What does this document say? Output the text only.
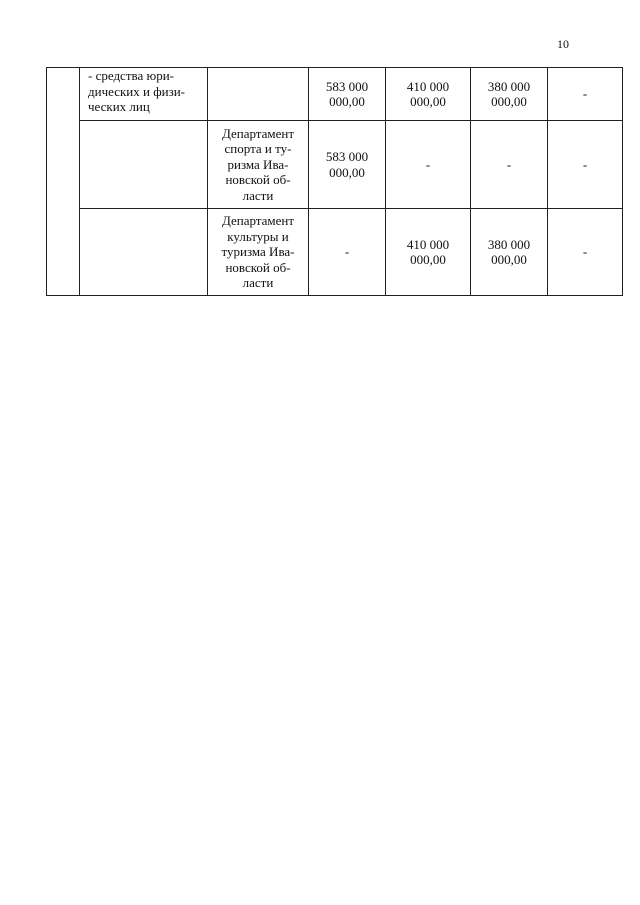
10

	- средства юри-
дических и физи-
ческих лиц		583 000
000,00	410 000
000,00	380 000
000,00	-

		Департамент
спорта и ту-
ризма Ива-
новской об-
ласти	583 000
000,00	-	-	-

		Департамент
культуры и
туризма Ива-
новской об-
ласти	-	410 000
000,00	380 000
000,00	-
